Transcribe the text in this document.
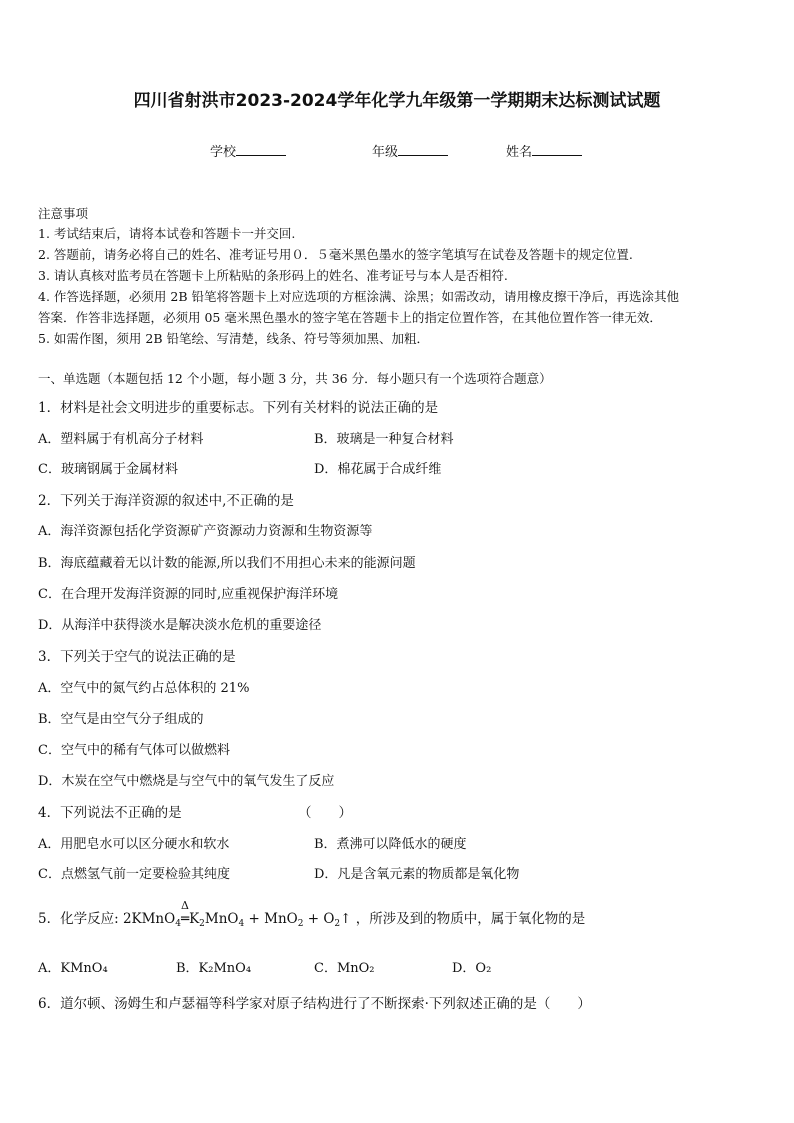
四川省射洪市2023-2024学年化学九年级第一学期期末达标测试试题
学校	年级	姓名
注意事项
1. 考试结束后，请将本试卷和答题卡一并交回.
2. 答题前，请务必将自己的姓名、准考证号用０．５毫米黑色墨水的签字笔填写在试卷及答题卡的规定位置.
3. 请认真核对监考员在答题卡上所粘贴的条形码上的姓名、准考证号与本人是否相符.
4. 作答选择题，必须用 2B 铅笔将答题卡上对应选项的方框涂满、涂黑；如需改动，请用橡皮擦干净后，再选涂其他
答案．作答非选择题，必须用 05 毫米黑色墨水的签字笔在答题卡上的指定位置作答，在其他位置作答一律无效．
5. 如需作图，须用 2B 铅笔绘、写清楚，线条、符号等须加黑、加粗．
一、单选题（本题包括 12 个小题，每小题 3 分，共 36 分．每小题只有一个选项符合题意）
1．材料是社会文明进步的重要标志。下列有关材料的说法正确的是
A．塑料属于有机高分子材料	B．玻璃是一种复合材料
C．玻璃钢属于金属材料	D．棉花属于合成纤维
2．下列关于海洋资源的叙述中,不正确的是
A．海洋资源包括化学资源矿产资源动力资源和生物资源等
B．海底蕴藏着无以计数的能源,所以我们不用担心未来的能源问题
C．在合理开发海洋资源的同时,应重视保护海洋环境
D．从海洋中获得淡水是解决淡水危机的重要途径
3．下列关于空气的说法正确的是
A．空气中的氮气约占总体积的 21%
B．空气是由空气分子组成的
C．空气中的稀有气体可以做燃料
D．木炭在空气中燃烧是与空气中的氧气发生了反应
4．下列说法不正确的是	（　　）
A．用肥皂水可以区分硬水和软水	B．煮沸可以降低水的硬度
C．点燃氢气前一定要检验其纯度	D．凡是含氧元素的物质都是氧化物
5．化学反应: 2KMnO$_4$
Δ
$═K_2MnO_4 + MnO_2$ + $O_2↑$ ，所涉及到的物质中，属于氧化物的是
A．KMnO₄	B．K₂MnO₄	C．MnO₂	D．O₂
6．道尔顿、汤姆生和卢瑟福等科学家对原子结构进行了不断探索·下列叙述正确的是（　　）
